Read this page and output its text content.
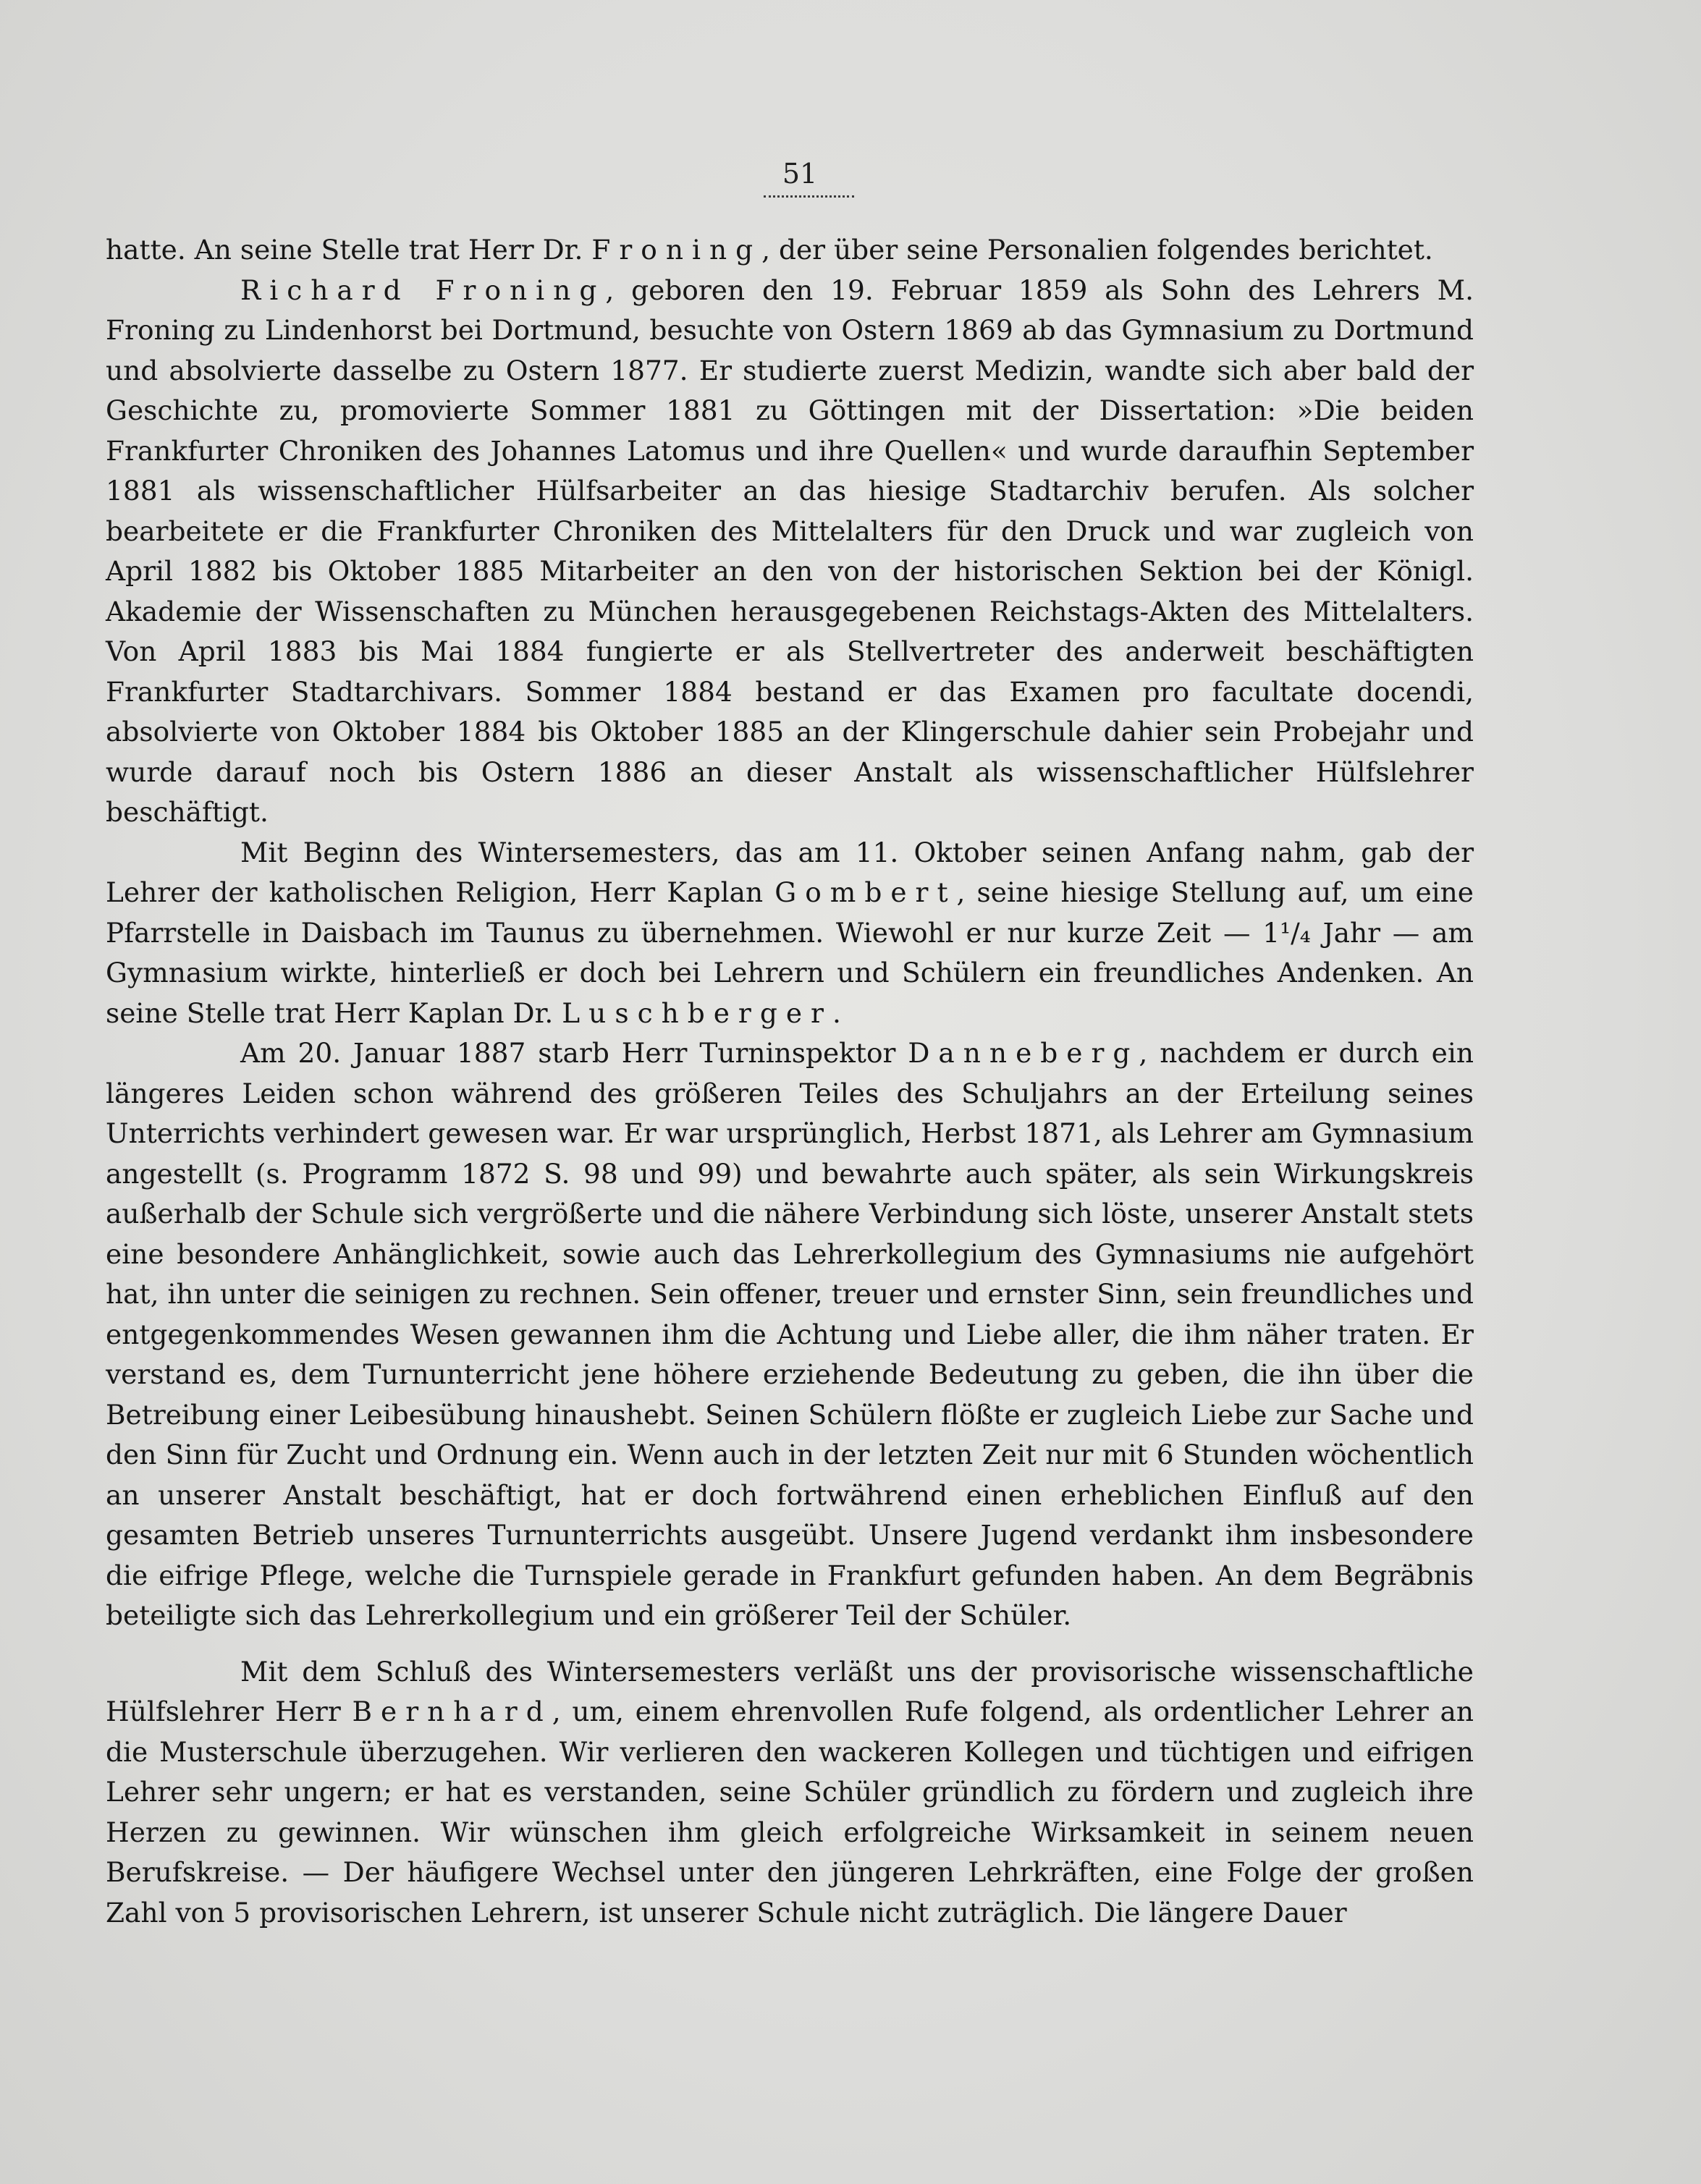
51

hatte. An seine Stelle trat Herr Dr. Froning, der über seine Personalien folgendes berichtet.

Richard Froning, geboren den 19. Februar 1859 als Sohn des Lehrers M. Froning zu Lindenhorst bei Dortmund, besuchte von Ostern 1869 ab das Gymnasium zu Dortmund und absolvierte dasselbe zu Ostern 1877. Er studierte zuerst Medizin, wandte sich aber bald der Geschichte zu, promovierte Sommer 1881 zu Göttingen mit der Dissertation: »Die beiden Frankfurter Chroniken des Johannes Latomus und ihre Quellen« und wurde daraufhin September 1881 als wissenschaftlicher Hülfsarbeiter an das hiesige Stadtarchiv berufen. Als solcher bearbeitete er die Frankfurter Chroniken des Mittelalters für den Druck und war zugleich von April 1882 bis Oktober 1885 Mitarbeiter an den von der historischen Sektion bei der Königl. Akademie der Wissenschaften zu München herausgegebenen Reichstags-Akten des Mittelalters. Von April 1883 bis Mai 1884 fungierte er als Stellvertreter des anderweit beschäftigten Frankfurter Stadtarchivars. Sommer 1884 bestand er das Examen pro facultate docendi, absolvierte von Oktober 1884 bis Oktober 1885 an der Klingerschule dahier sein Probejahr und wurde darauf noch bis Ostern 1886 an dieser Anstalt als wissenschaftlicher Hülfslehrer beschäftigt.

Mit Beginn des Wintersemesters, das am 11. Oktober seinen Anfang nahm, gab der Lehrer der katholischen Religion, Herr Kaplan Gombert, seine hiesige Stellung auf, um eine Pfarrstelle in Daisbach im Taunus zu übernehmen. Wiewohl er nur kurze Zeit — 1¹/₄ Jahr — am Gymnasium wirkte, hinterließ er doch bei Lehrern und Schülern ein freundliches Andenken. An seine Stelle trat Herr Kaplan Dr. Luschberger.

Am 20. Januar 1887 starb Herr Turninspektor Danneberg, nachdem er durch ein längeres Leiden schon während des größeren Teiles des Schuljahrs an der Erteilung seines Unterrichts verhindert gewesen war. Er war ursprünglich, Herbst 1871, als Lehrer am Gymnasium angestellt (s. Programm 1872 S. 98 und 99) und bewahrte auch später, als sein Wirkungskreis außerhalb der Schule sich vergrößerte und die nähere Verbindung sich löste, unserer Anstalt stets eine besondere Anhänglichkeit, sowie auch das Lehrerkollegium des Gymnasiums nie aufgehört hat, ihn unter die seinigen zu rechnen. Sein offener, treuer und ernster Sinn, sein freundliches und entgegenkommendes Wesen gewannen ihm die Achtung und Liebe aller, die ihm näher traten. Er verstand es, dem Turnunterricht jene höhere erziehende Bedeutung zu geben, die ihn über die Betreibung einer Leibesübung hinaushebt. Seinen Schülern flößte er zugleich Liebe zur Sache und den Sinn für Zucht und Ordnung ein. Wenn auch in der letzten Zeit nur mit 6 Stunden wöchentlich an unserer Anstalt beschäftigt, hat er doch fortwährend einen erheblichen Einfluß auf den gesamten Betrieb unseres Turnunterrichts ausgeübt. Unsere Jugend verdankt ihm insbesondere die eifrige Pflege, welche die Turnspiele gerade in Frankfurt gefunden haben. An dem Begräbnis beteiligte sich das Lehrerkollegium und ein größerer Teil der Schüler.

Mit dem Schluß des Wintersemesters verläßt uns der provisorische wissenschaftliche Hülfslehrer Herr Bernhard, um, einem ehrenvollen Rufe folgend, als ordentlicher Lehrer an die Musterschule überzugehen. Wir verlieren den wackeren Kollegen und tüchtigen und eifrigen Lehrer sehr ungern; er hat es verstanden, seine Schüler gründlich zu fördern und zugleich ihre Herzen zu gewinnen. Wir wünschen ihm gleich erfolgreiche Wirksamkeit in seinem neuen Berufskreise. — Der häufigere Wechsel unter den jüngeren Lehrkräften, eine Folge der großen Zahl von 5 provisorischen Lehrern, ist unserer Schule nicht zuträglich. Die längere Dauer
